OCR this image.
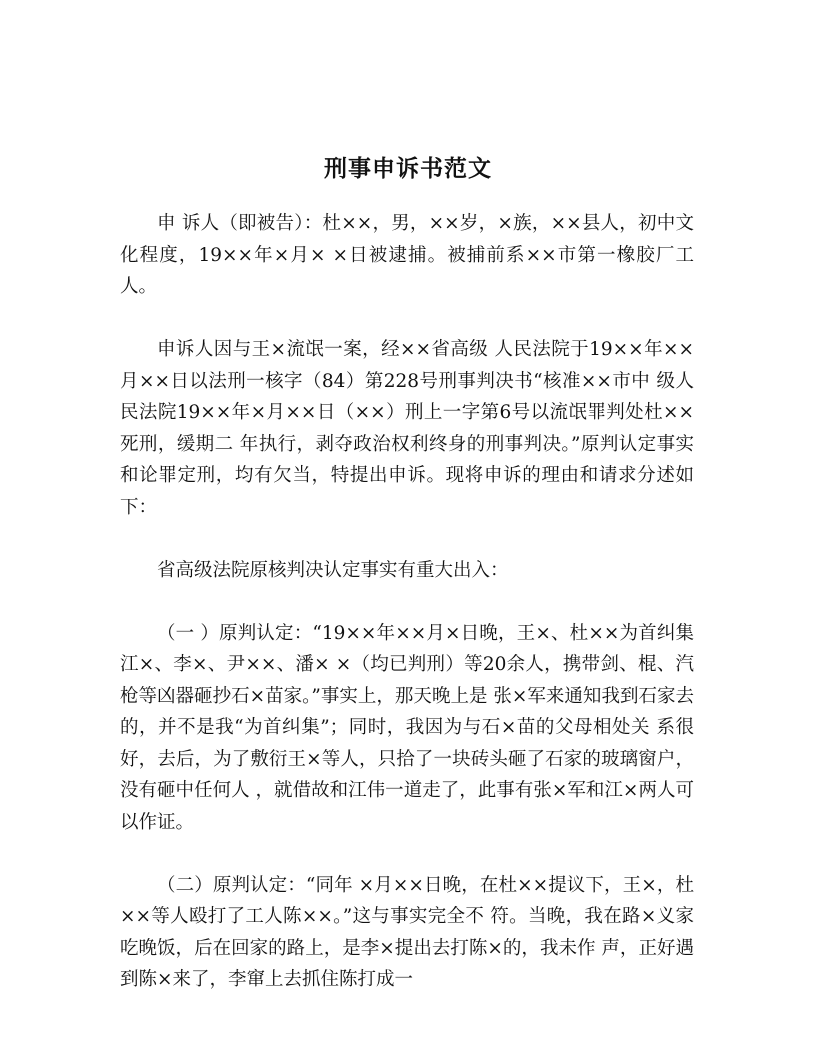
刑事申诉书范文

申 诉人（即被告）：杜××，男，××岁，×族，××县人，初中文化程度，19××年×月× ×日被逮捕。被捕前系××市第一橡胶厂工人。

申诉人因与王×流氓一案，经××省高级 人民法院于19××年××月××日以法刑一核字（84）第228号刑事判决书“核准××市中 级人民法院19××年×月××日（××）刑上一字第6号以流氓罪判处杜××死刑，缓期二 年执行，剥夺政治权利终身的刑事判决。”原判认定事实和论罪定刑，均有欠当，特提出申诉。现将申诉的理由和请求分述如下：

省高级法院原核判决认定事实有重大出入：

（一 ）原判认定：“19××年××月×日晚，王×、杜××为首纠集江×、李×、尹××、潘× ×（均已判刑）等20余人，携带剑、棍、汽枪等凶器砸抄石×苗家。”事实上，那天晚上是 张×军来通知我到石家去的，并不是我“为首纠集”；同时，我因为与石×苗的父母相处关 系很好，去后，为了敷衍王×等人，只拾了一块砖头砸了石家的玻璃窗户，没有砸中任何人 ，就借故和江伟一道走了，此事有张×军和江×两人可以作证。

（二）原判认定：“同年 ×月××日晚，在杜××提议下，王×，杜××等人殴打了工人陈××。”这与事实完全不 符。当晚，我在路×义家吃晚饭，后在回家的路上，是李×提出去打陈×的，我未作 声，正好遇到陈×来了，李窜上去抓住陈打成一
